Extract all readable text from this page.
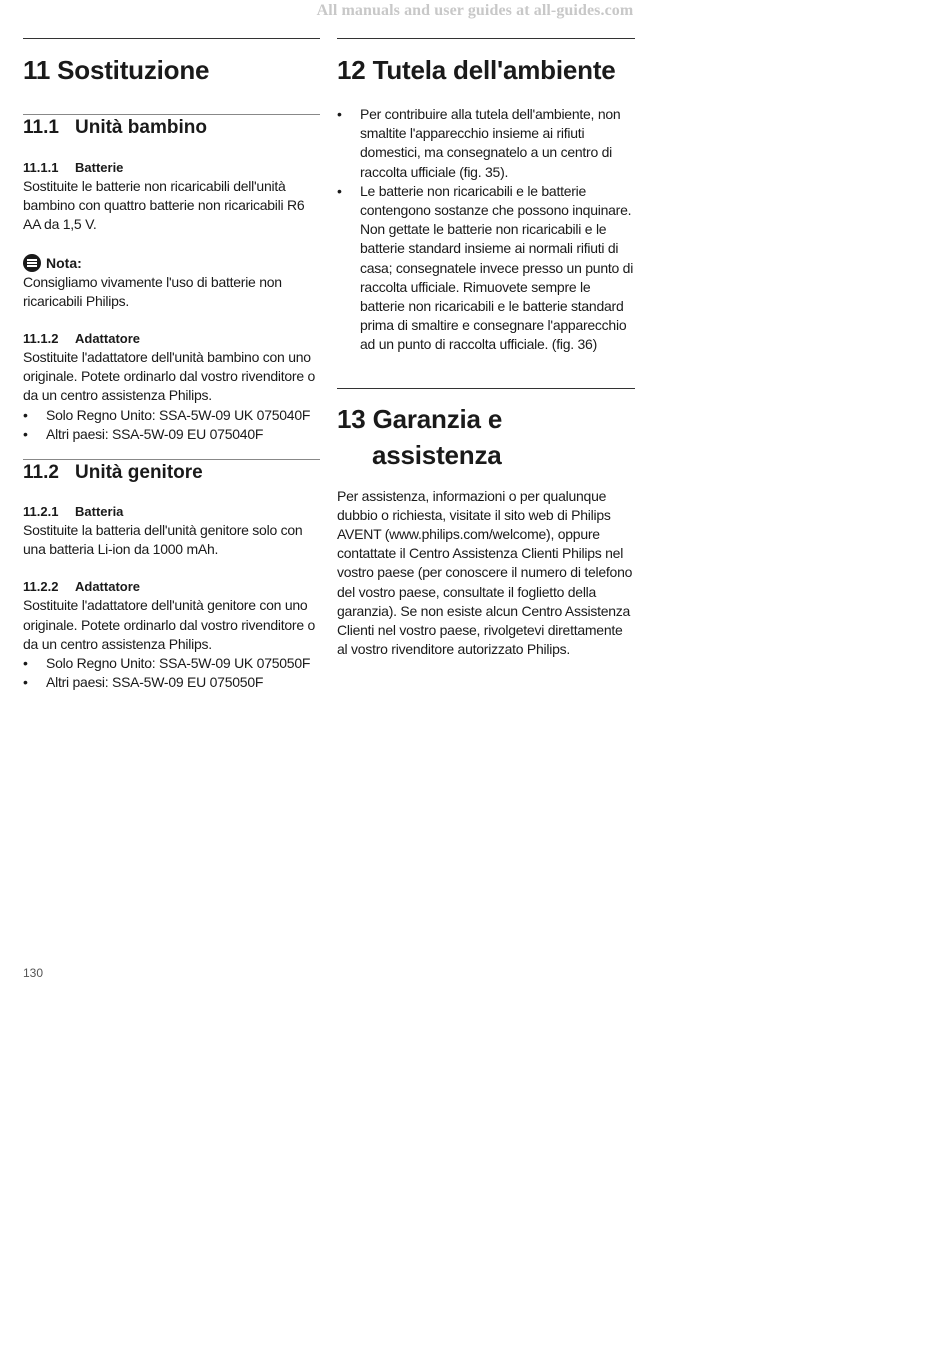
All manuals and user guides at all-guides.com
11 Sostituzione
11.1 Unità bambino
11.1.1 Batterie

Sostituite le batterie non ricaricabili dell'unità bambino con quattro batterie non ricaricabili R6 AA da 1,5 V.

Nota:

Consigliamo vivamente l'uso di batterie non ricaricabili Philips.

11.1.2 Adattatore

Sostituite l'adattatore dell'unità bambino con uno originale. Potete ordinarlo dal vostro rivenditore o da un centro assistenza Philips.

• Solo Regno Unito: SSA-5W-09 UK 075040F
• Altri paesi: SSA-5W-09 EU 075040F
11.2 Unità genitore
11.2.1 Batteria

Sostituite la batteria dell'unità genitore solo con una batteria Li-ion da 1000 mAh.

11.2.2 Adattatore

Sostituite l'adattatore dell'unità genitore con uno originale. Potete ordinarlo dal vostro rivenditore o da un centro assistenza Philips.

• Solo Regno Unito: SSA-5W-09 UK 075050F
• Altri paesi: SSA-5W-09 EU 075050F
12 Tutela dell'ambiente
• Per contribuire alla tutela dell'ambiente, non smaltite l'apparecchio insieme ai rifiuti domestici, ma consegnatelo a un centro di raccolta ufficiale (fig. 35).
• Le batterie non ricaricabili e le batterie contengono sostanze che possono inquinare. Non gettate le batterie non ricaricabili e le batterie standard insieme ai normali rifiuti di casa; consegnatele invece presso un punto di raccolta ufficiale. Rimuovete sempre le batterie non ricaricabili e le batterie standard prima di smaltire e consegnare l'apparecchio ad un punto di raccolta ufficiale. (fig. 36)
13 Garanzia e
assistenza

Per assistenza, informazioni o per qualunque dubbio o richiesta, visitate il sito web di Philips AVENT (www.philips.com/welcome), oppure contattate il Centro Assistenza Clienti Philips nel vostro paese (per conoscere il numero di telefono del vostro paese, consultate il foglietto della garanzia). Se non esiste alcun Centro Assistenza Clienti nel vostro paese, rivolgetevi direttamente al vostro rivenditore autorizzato Philips.

130
